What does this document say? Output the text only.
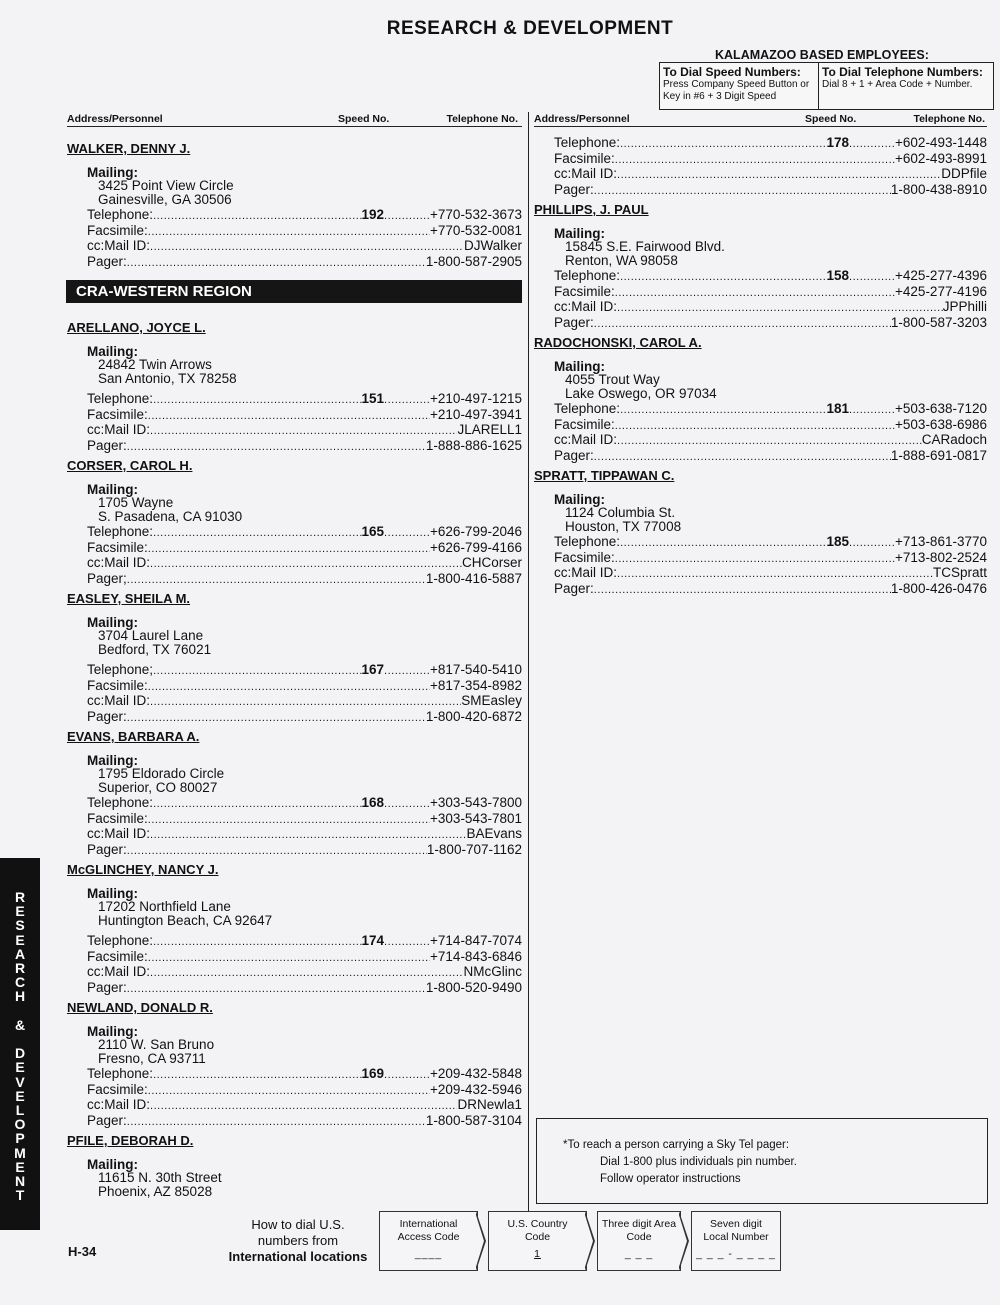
RESEARCH & DEVELOPMENT
KALAMAZOO BASED EMPLOYEES:
To Dial Speed Numbers:
Press Company Speed Button or
Key in #6 + 3 Digit Speed
To Dial Telephone Numbers:
Dial 8 + 1 + Area Code + Number.
Address/Personnel	Speed No.	Telephone No. Address/Personnel	Speed No.	Telephone No.
WALKER, DENNY J.
Mailing:
3425 Point View Circle
Gainesville, GA 30506
Telephone: .....	192 .....	+770-532-3673
Facsimile: .....	+770-532-0081
cc:Mail ID: .....	DJWalker
Pager: .....	1-800-587-2905
CRA-WESTERN REGION
ARELLANO, JOYCE L.
Mailing:
24842 Twin Arrows
San Antonio, TX 78258
Telephone: .....	151 .....	+210-497-1215
Facsimile: .....	+210-497-3941
cc:Mail ID: .....	JLARELL1
Pager: .....	1-888-886-1625
CORSER, CAROL H.
Mailing:
1705 Wayne
S. Pasadena, CA 91030
Telephone: .....	165 .....	+626-799-2046
Facsimile: .....	+626-799-4166
cc:Mail ID: .....	CHCorser
Pager; .....	1-800-416-5887
EASLEY, SHEILA M.
Mailing:
3704 Laurel Lane
Bedford, TX 76021
Telephone; .....	167 .....	+817-540-5410
Facsimile: .....	+817-354-8982
cc:Mail ID: .....	SMEasley
Pager: .....	1-800-420-6872
EVANS, BARBARA A.
Mailing:
1795 Eldorado Circle
Superior, CO 80027
Telephone: .....	168 .....	+303-543-7800
Facsimile: .....	+303-543-7801
cc:Mail ID: .....	BAEvans
Pager: .....	1-800-707-1162
McGLINCHEY, NANCY J.
Mailing:
17202 Northfield Lane
Huntington Beach, CA 92647
Telephone: .....	174 .....	+714-847-7074
Facsimile: .....	+714-843-6846
cc:Mail ID: .....	NMcGlinc
Pager: .....	1-800-520-9490
NEWLAND, DONALD R.
Mailing:
2110 W. San Bruno
Fresno, CA 93711
Telephone: .....	169 .....	+209-432-5848
Facsimile: .....	+209-432-5946
cc:Mail ID: .....	DRNewla1
Pager: .....	1-800-587-3104
PFILE, DEBORAH D.
Mailing:
11615 N. 30th Street
Phoenix, AZ 85028
Telephone: .....	178 .....	+602-493-1448
Facsimile: .....	+602-493-8991
cc:Mail ID: .....	DDPfile
Pager: .....	1-800-438-8910
PHILLIPS, J. PAUL
Mailing:
15845 S.E. Fairwood Blvd.
Renton, WA 98058
Telephone: .....	158 .....	+425-277-4396
Facsimile: .....	+425-277-4196
cc:Mail ID: .....	JPPhilli
Pager: .....	1-800-587-3203
RADOCHONSKI, CAROL A.
Mailing:
4055 Trout Way
Lake Oswego, OR 97034
Telephone: .....	181 .....	+503-638-7120
Facsimile: .....	+503-638-6986
cc:Mail ID: .....	CARadoch
Pager: .....	1-888-691-0817
SPRATT, TIPPAWAN C.
Mailing:
1124 Columbia St.
Houston, TX 77008
Telephone: .....	185 .....	+713-861-3770
Facsimile: .....	+713-802-2524
cc:Mail ID: .....	TCSpratt
Pager: .....	1-800-426-0476
*To reach a person carrying a Sky Tel pager:
Dial 1-800 plus individuals pin number.
Follow operator instructions
R
E
S
E
A
R
C
H

&

D
E
V
E
L
O
P
M
E
N
T
H-34
How to dial U.S.
numbers from
International locations
International
Access Code
____
U.S. Country
Code
1
Three digit Area
Code
_ _ _
Seven digit
Local Number
_ _ _ - _ _ _ _
